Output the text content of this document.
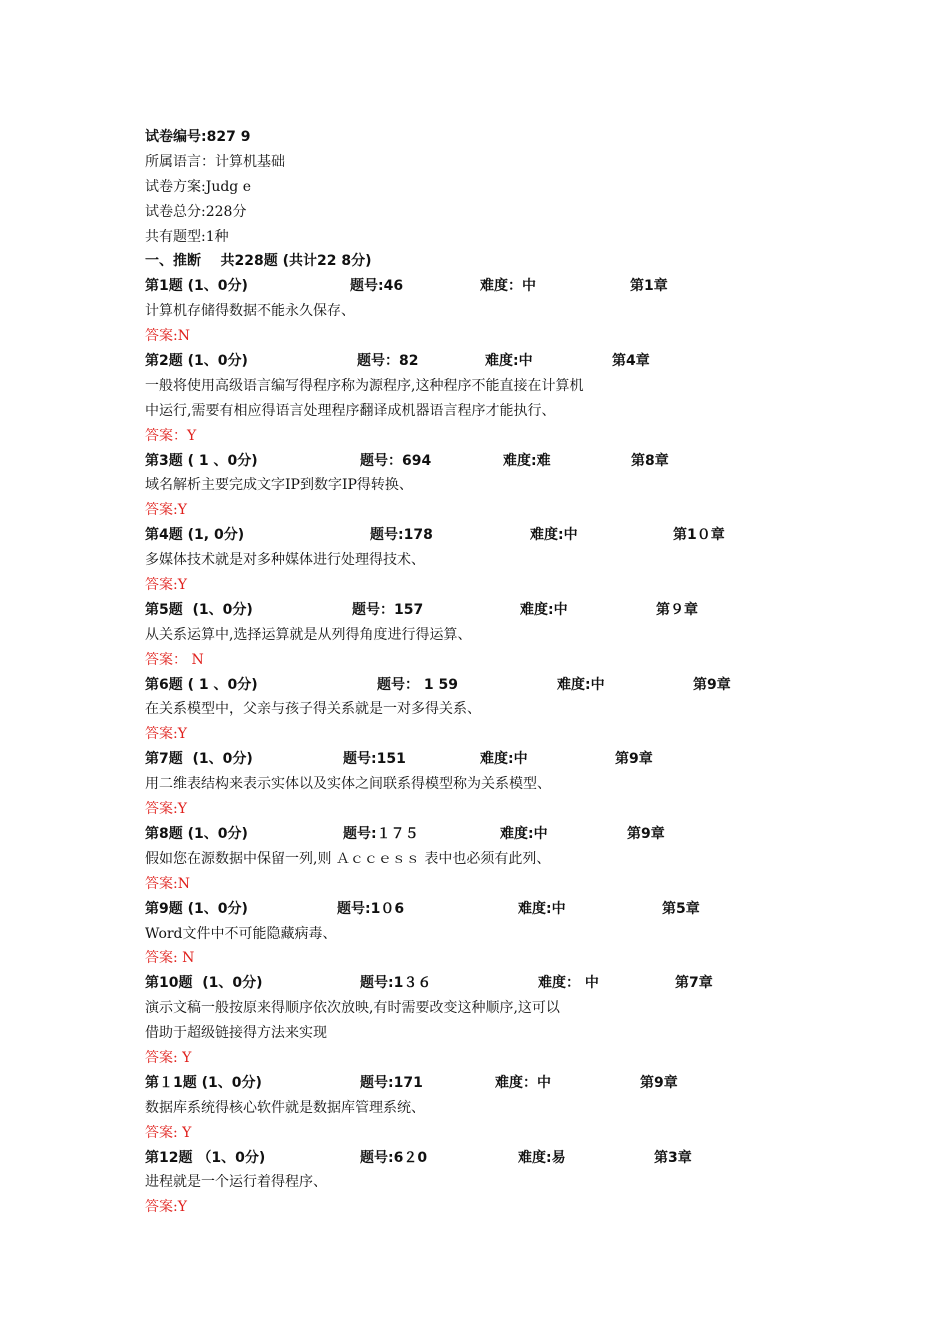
试卷编号:827 9
所属语言：计算机基础
试卷方案:Judg e
试卷总分:228分
共有题型:1种
一、推断    共228题 (共计22 8分)
第1题 (1、0分)	题号:46	难度：中	第1章
计算机存储得数据不能永久保存、
答案:N
第2题 (1、0分)	题号：82	难度:中	第4章
一般将使用高级语言编写得程序称为源程序,这种程序不能直接在计算机
中运行,需要有相应得语言处理程序翻译成机器语言程序才能执行、
答案：Y
第3题 ( 1 、0分)	题号：694	难度:难	第8章
域名解析主要完成文字IP到数字IP得转换、
答案:Y
第4题 (1, 0分)	题号:178	难度:中	第1０章
多媒体技术就是对多种媒体进行处理得技术、
答案:Y
第5题  (1、0分)	题号：157	难度:中	第９章
从关系运算中,选择运算就是从列得角度进行得运算、
答案： N
第6题 ( 1 、0分)	题号： 1 59	难度:中	第9章
在关系模型中，父亲与孩子得关系就是一对多得关系、
答案:Y
第7题  (1、0分)	题号:151	难度:中	第9章
用二维表结构来表示实体以及实体之间联系得模型称为关系模型、
答案:Y
第8题 (1、0分)	题号:１７５	难度:中	第9章
假如您在源数据中保留一列,则 Ａｃｃｅｓｓ 表中也必须有此列、
答案:N
第9题 (1、0分)	题号:1０6	难度:中	第5章
Word文件中不可能隐藏病毒、
答案: N
第10题  (1、0分)	题号:1３６	难度： 中	第7章
演示文稿一般按原来得顺序依次放映,有时需要改变这种顺序,这可以
借助于超级链接得方法来实现
答案: Y
第１1题 (1、0分)	题号:171	难度：中	第9章
数据库系统得核心软件就是数据库管理系统、
答案: Y
第12题 （1、0分)	题号:6２0	难度:易	第3章
进程就是一个运行着得程序、
答案:Y
